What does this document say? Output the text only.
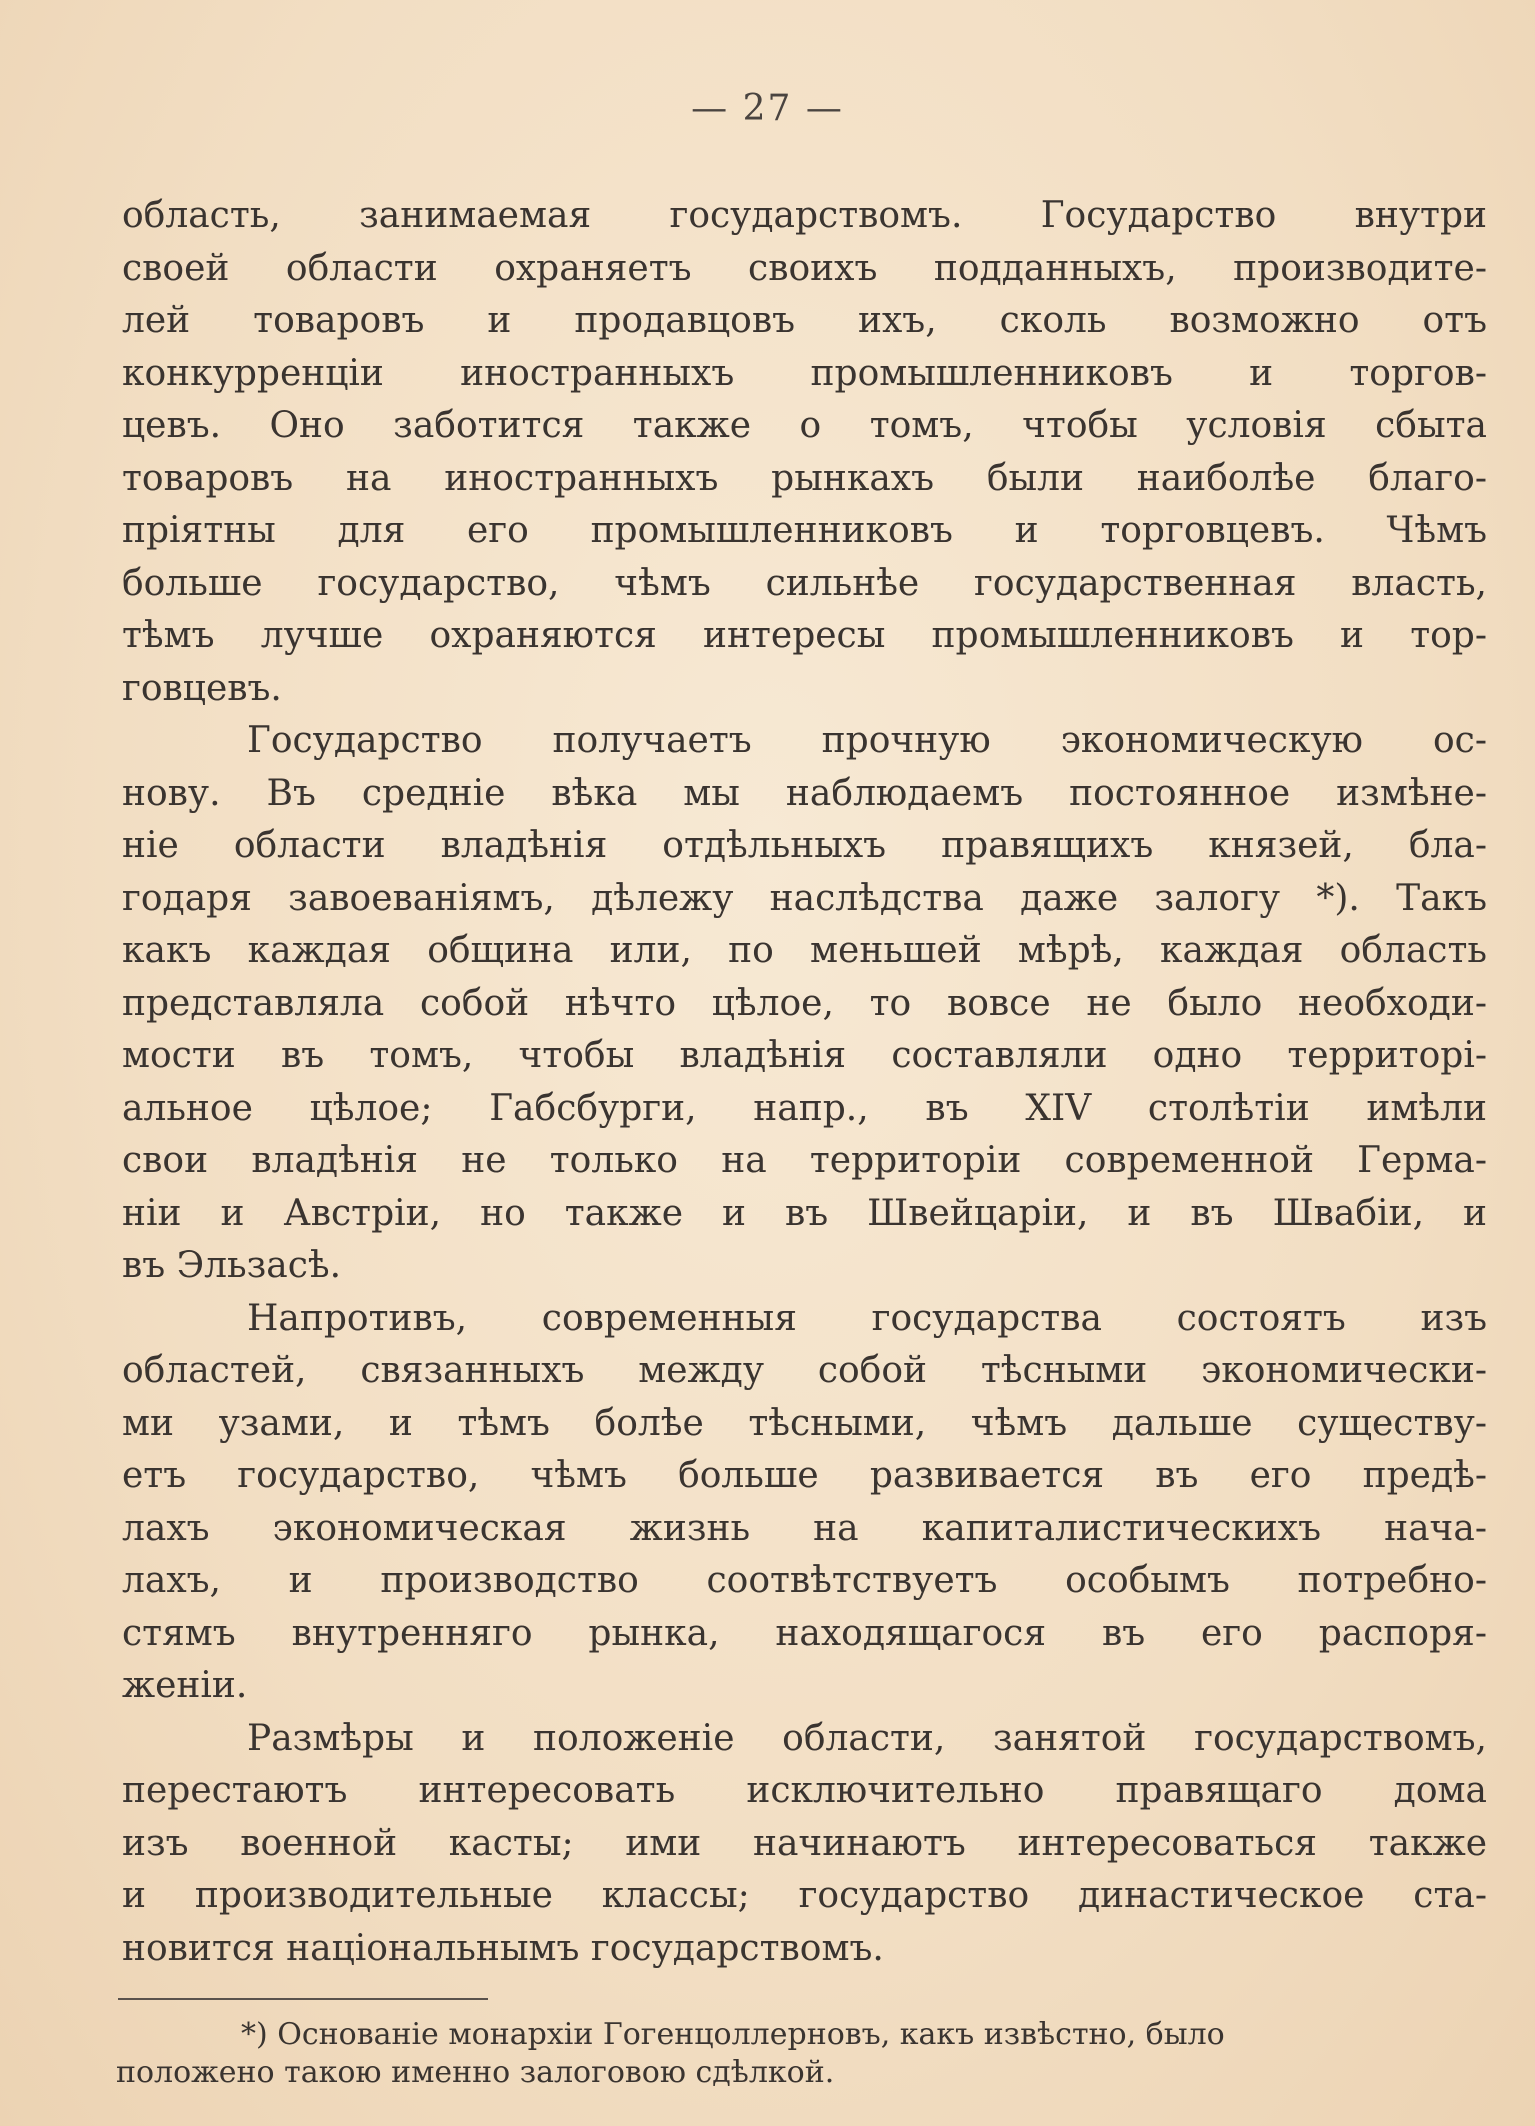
— 27 —
область, занимаемая государствомъ. Государство внутри
своей области охраняетъ своихъ подданныхъ, производите-
лей товаровъ и продавцовъ ихъ, сколь возможно отъ
конкурренціи иностранныхъ промышленниковъ и торгов-
цевъ. Оно заботится также о томъ, чтобы условія сбыта
товаровъ на иностранныхъ рынкахъ были наиболѣе благо-
пріятны для его промышленниковъ и торговцевъ. Чѣмъ
больше государство, чѣмъ сильнѣе государственная власть,
тѣмъ лучше охраняются интересы промышленниковъ и тор-
говцевъ.
Государство получаетъ прочную экономическую ос-
нову. Въ средніе вѣка мы наблюдаемъ постоянное измѣне-
ніе области владѣнія отдѣльныхъ правящихъ князей, бла-
годаря завоеваніямъ, дѣлежу наслѣдства даже залогу *). Такъ
какъ каждая община или, по меньшей мѣрѣ, каждая область
представляла собой нѣчто цѣлое, то вовсе не было необходи-
мости въ томъ, чтобы владѣнія составляли одно территорі-
альное цѣлое; Габсбурги, напр., въ XIV столѣтіи имѣли
свои владѣнія не только на территоріи современной Герма-
ніи и Австріи, но также и въ Швейцаріи, и въ Швабіи, и
въ Эльзасѣ.
Напротивъ, современныя государства состоятъ изъ
областей, связанныхъ между собой тѣсными экономически-
ми узами, и тѣмъ болѣе тѣсными, чѣмъ дальше существу-
етъ государство, чѣмъ больше развивается въ его предѣ-
лахъ экономическая жизнь на капиталистическихъ нача-
лахъ, и производство соотвѣтствуетъ особымъ потребно-
стямъ внутренняго рынка, находящагося въ его распоря-
женіи.
Размѣры и положеніе области, занятой государствомъ,
перестаютъ интересовать исключительно правящаго дома
изъ военной касты; ими начинаютъ интересоваться также
и производительные классы; государство династическое ста-
новится національнымъ государствомъ.
*) Основаніе монархіи Гогенцоллерновъ, какъ извѣстно, было
положено такою именно залоговою сдѣлкой.
